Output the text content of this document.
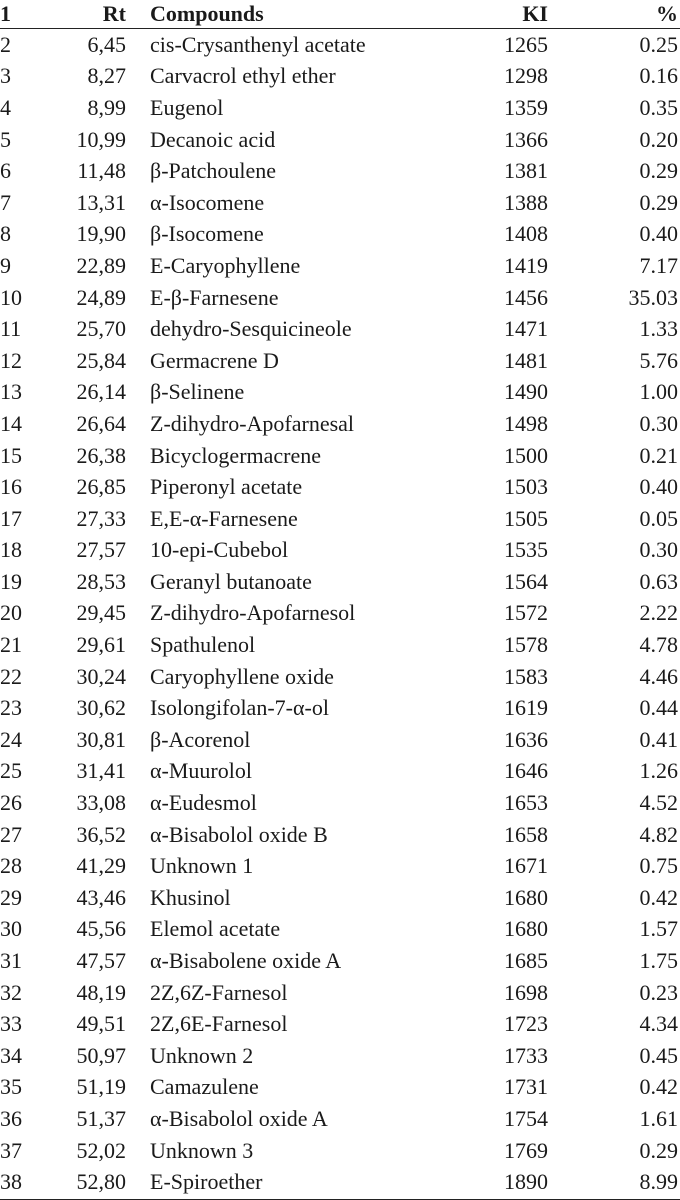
1	Rt Compounds	KI	%
2	6,45 cis-Crysanthenyl acetate	1265	0.25
3	8,27 Carvacrol ethyl ether	1298	0.16
4	8,99 Eugenol	1359	0.35
5	10,99 Decanoic acid	1366	0.20
6	11,48 β-Patchoulene	1381	0.29
7	13,31 α-Isocomene	1388	0.29
8	19,90 β-Isocomene	1408	0.40
9	22,89 E-Caryophyllene	1419	7.17
10	24,89 E-β-Farnesene	1456	35.03
11	25,70 dehydro-Sesquicineole	1471	1.33
12	25,84 Germacrene D	1481	5.76
13	26,14 β-Selinene	1490	1.00
14	26,64 Z-dihydro-Apofarnesal	1498	0.30
15	26,38 Bicyclogermacrene	1500	0.21
16	26,85 Piperonyl acetate	1503	0.40
17	27,33 E,E-α-Farnesene	1505	0.05
18	27,57 10-epi-Cubebol	1535	0.30
19	28,53 Geranyl butanoate	1564	0.63
20	29,45 Z-dihydro-Apofarnesol	1572	2.22
21	29,61 Spathulenol	1578	4.78
22	30,24 Caryophyllene oxide	1583	4.46
23	30,62 Isolongifolan-7-α-ol	1619	0.44
24	30,81 β-Acorenol	1636	0.41
25	31,41 α-Muurolol	1646	1.26
26	33,08 α-Eudesmol	1653	4.52
27	36,52 α-Bisabolol oxide B	1658	4.82
28	41,29 Unknown 1	1671	0.75
29	43,46 Khusinol	1680	0.42
30	45,56 Elemol acetate	1680	1.57
31	47,57 α-Bisabolene oxide A	1685	1.75
32	48,19 2Z,6Z-Farnesol	1698	0.23
33	49,51 2Z,6E-Farnesol	1723	4.34
34	50,97 Unknown 2	1733	0.45
35	51,19 Camazulene	1731	0.42
36	51,37 α-Bisabolol oxide A	1754	1.61
37	52,02 Unknown 3	1769	0.29
38	52,80 E-Spiroether	1890	8.99
